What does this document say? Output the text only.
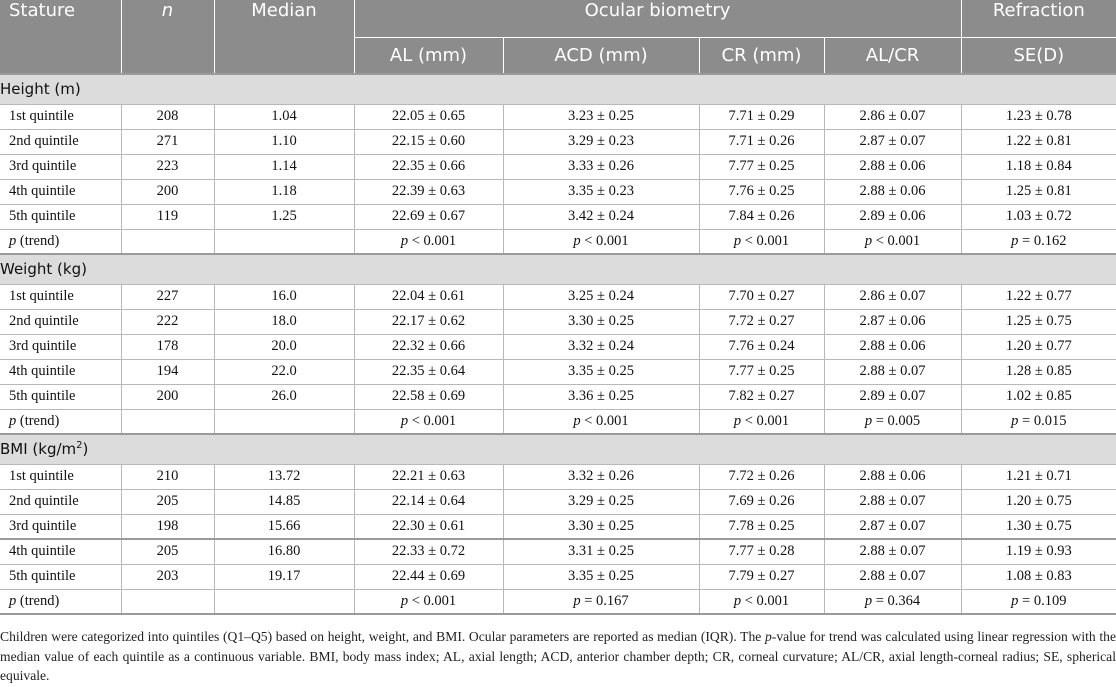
Stature	n	Median	Ocular biometry				Refraction
			AL (mm)	ACD (mm)	CR (mm)	AL/CR	SE(D)
Height (m)							
1st quintile	208	1.04	22.05 ± 0.65	3.23 ± 0.25	7.71 ± 0.29	2.86 ± 0.07	1.23 ± 0.78
2nd quintile	271	1.10	22.15 ± 0.60	3.29 ± 0.23	7.71 ± 0.26	2.87 ± 0.07	1.22 ± 0.81
3rd quintile	223	1.14	22.35 ± 0.66	3.33 ± 0.26	7.77 ± 0.25	2.88 ± 0.06	1.18 ± 0.84
4th quintile	200	1.18	22.39 ± 0.63	3.35 ± 0.23	7.76 ± 0.25	2.88 ± 0.06	1.25 ± 0.81
5th quintile	119	1.25	22.69 ± 0.67	3.42 ± 0.24	7.84 ± 0.26	2.89 ± 0.06	1.03 ± 0.72
p (trend)			p < 0.001	p < 0.001	p < 0.001	p < 0.001	p = 0.162
Weight (kg)							
1st quintile	227	16.0	22.04 ± 0.61	3.25 ± 0.24	7.70 ± 0.27	2.86 ± 0.07	1.22 ± 0.77
2nd quintile	222	18.0	22.17 ± 0.62	3.30 ± 0.25	7.72 ± 0.27	2.87 ± 0.06	1.25 ± 0.75
3rd quintile	178	20.0	22.32 ± 0.66	3.32 ± 0.24	7.76 ± 0.24	2.88 ± 0.06	1.20 ± 0.77
4th quintile	194	22.0	22.35 ± 0.64	3.35 ± 0.25	7.77 ± 0.25	2.88 ± 0.07	1.28 ± 0.85
5th quintile	200	26.0	22.58 ± 0.69	3.36 ± 0.25	7.82 ± 0.27	2.89 ± 0.07	1.02 ± 0.85
p (trend)			p < 0.001	p < 0.001	p < 0.001	p = 0.005	p = 0.015
BMI $(kg/m^2)$							
1st quintile	210	13.72	22.21 ± 0.63	3.32 ± 0.26	7.72 ± 0.26	2.88 ± 0.06	1.21 ± 0.71
2nd quintile	205	14.85	22.14 ± 0.64	3.29 ± 0.25	7.69 ± 0.26	2.88 ± 0.07	1.20 ± 0.75
3rd quintile	198	15.66	22.30 ± 0.61	3.30 ± 0.25	7.78 ± 0.25	2.87 ± 0.07	1.30 ± 0.75
4th quintile	205	16.80	22.33 ± 0.72	3.31 ± 0.25	7.77 ± 0.28	2.88 ± 0.07	1.19 ± 0.93
5th quintile	203	19.17	22.44 ± 0.69	3.35 ± 0.25	7.79 ± 0.27	2.88 ± 0.07	1.08 ± 0.83
p (trend)			p < 0.001	p = 0.167	p < 0.001	p = 0.364	p = 0.109
Children were categorized into quintiles (Q1–Q5) based on height, weight, and BMI. Ocular parameters are reported as median (IQR). The p-value for trend was calculated using linear regression with the median value of each quintile as a continuous variable. BMI, body mass index; AL, axial length; ACD, anterior chamber depth; CR, corneal curvature; AL/CR, axial length-corneal radius; SE, spherical equivale.
